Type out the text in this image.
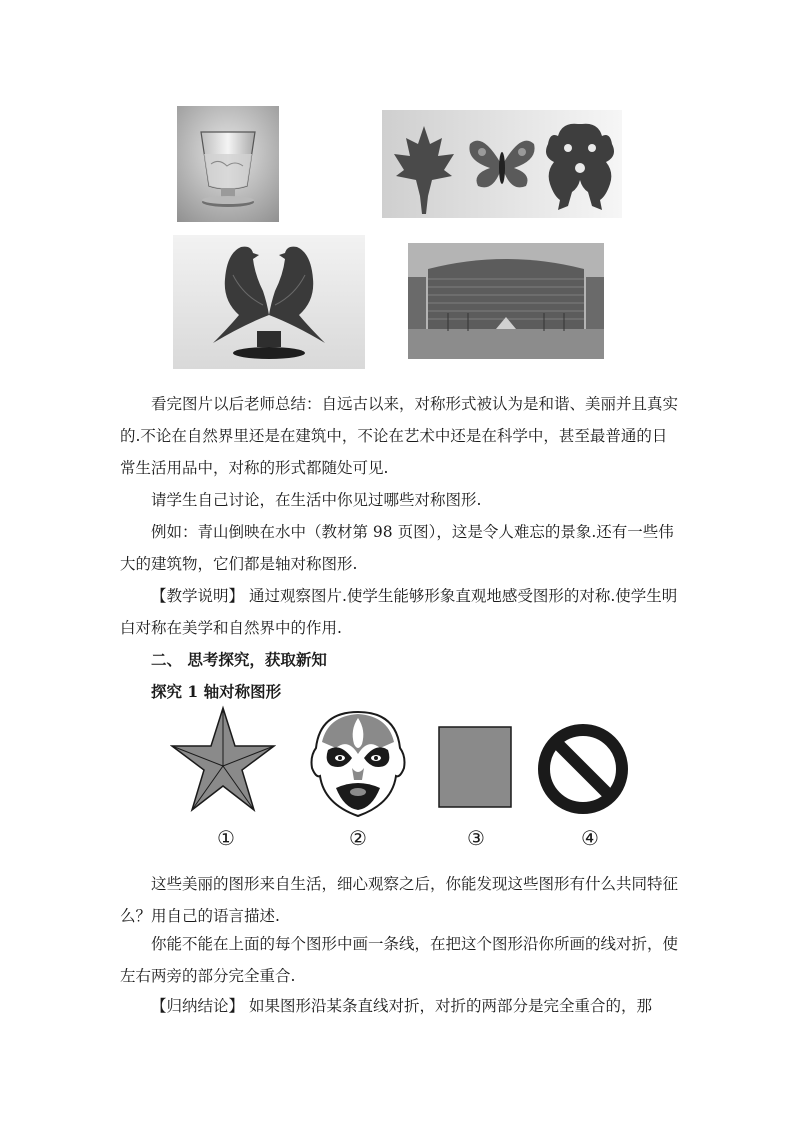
看完图片以后老师总结：自远古以来，对称形式被认为是和谐、美丽并且真实的.不论在自然界里还是在建筑中，不论在艺术中还是在科学中，甚至最普通的日常生活用品中，对称的形式都随处可见.

请学生自己讨论，在生活中你见过哪些对称图形.

例如：青山倒映在水中（教材第 98 页图），这是令人难忘的景象.还有一些伟大的建筑物，它们都是轴对称图形.

【教学说明】 通过观察图片.使学生能够形象直观地感受图形的对称.使学生明白对称在美学和自然界中的作用.

二、 思考探究，获取新知

探究 1 轴对称图形

①	②	③	④

这些美丽的图形来自生活，细心观察之后，你能发现这些图形有什么共同特征么？用自己的语言描述.

你能不能在上面的每个图形中画一条线，在把这个图形沿你所画的线对折，使左右两旁的部分完全重合.

【归纳结论】 如果图形沿某条直线对折，对折的两部分是完全重合的，那
